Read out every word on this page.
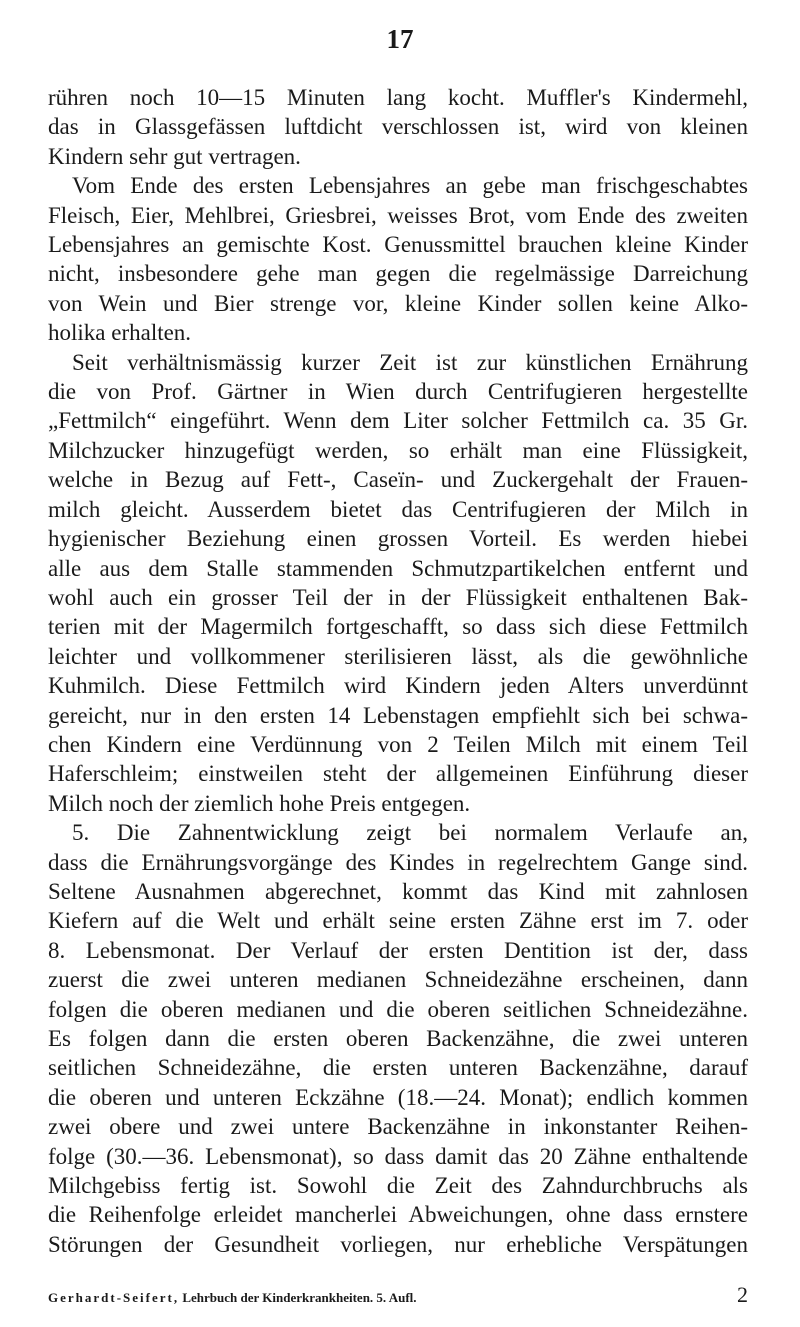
17
rühren noch 10—15 Minuten lang kocht. Muffler's Kindermehl,
das in Glassgefässen luftdicht verschlossen ist, wird von kleinen
Kindern sehr gut vertragen.
Vom Ende des ersten Lebensjahres an gebe man frischgeschabtes
Fleisch, Eier, Mehlbrei, Griesbrei, weisses Brot, vom Ende des zweiten
Lebensjahres an gemischte Kost. Genussmittel brauchen kleine Kinder
nicht, insbesondere gehe man gegen die regelmässige Darreichung
von Wein und Bier strenge vor, kleine Kinder sollen keine Alko-
holika erhalten.
Seit verhältnismässig kurzer Zeit ist zur künstlichen Ernährung
die von Prof. Gärtner in Wien durch Centrifugieren hergestellte
„Fettmilch“ eingeführt. Wenn dem Liter solcher Fettmilch ca. 35 Gr.
Milchzucker hinzugefügt werden, so erhält man eine Flüssigkeit,
welche in Bezug auf Fett-, Caseïn- und Zuckergehalt der Frauen-
milch gleicht. Ausserdem bietet das Centrifugieren der Milch in
hygienischer Beziehung einen grossen Vorteil. Es werden hiebei
alle aus dem Stalle stammenden Schmutzpartikelchen entfernt und
wohl auch ein grosser Teil der in der Flüssigkeit enthaltenen Bak-
terien mit der Magermilch fortgeschafft, so dass sich diese Fettmilch
leichter und vollkommener sterilisieren lässt, als die gewöhnliche
Kuhmilch. Diese Fettmilch wird Kindern jeden Alters unverdünnt
gereicht, nur in den ersten 14 Lebenstagen empfiehlt sich bei schwa-
chen Kindern eine Verdünnung von 2 Teilen Milch mit einem Teil
Haferschleim; einstweilen steht der allgemeinen Einführung dieser
Milch noch der ziemlich hohe Preis entgegen.
5. Die Zahnentwicklung zeigt bei normalem Verlaufe an,
dass die Ernährungsvorgänge des Kindes in regelrechtem Gange sind.
Seltene Ausnahmen abgerechnet, kommt das Kind mit zahnlosen
Kiefern auf die Welt und erhält seine ersten Zähne erst im 7. oder
8. Lebensmonat. Der Verlauf der ersten Dentition ist der, dass
zuerst die zwei unteren medianen Schneidezähne erscheinen, dann
folgen die oberen medianen und die oberen seitlichen Schneidezähne.
Es folgen dann die ersten oberen Backenzähne, die zwei unteren
seitlichen Schneidezähne, die ersten unteren Backenzähne, darauf
die oberen und unteren Eckzähne (18.—24. Monat); endlich kommen
zwei obere und zwei untere Backenzähne in inkonstanter Reihen-
folge (30.—36. Lebensmonat), so dass damit das 20 Zähne enthaltende
Milchgebiss fertig ist. Sowohl die Zeit des Zahndurchbruchs als
die Reihenfolge erleidet mancherlei Abweichungen, ohne dass ernstere
Störungen der Gesundheit vorliegen, nur erhebliche Verspätungen
Gerhardt-Seifert, Lehrbuch der Kinderkrankheiten. 5. Aufl.	2
